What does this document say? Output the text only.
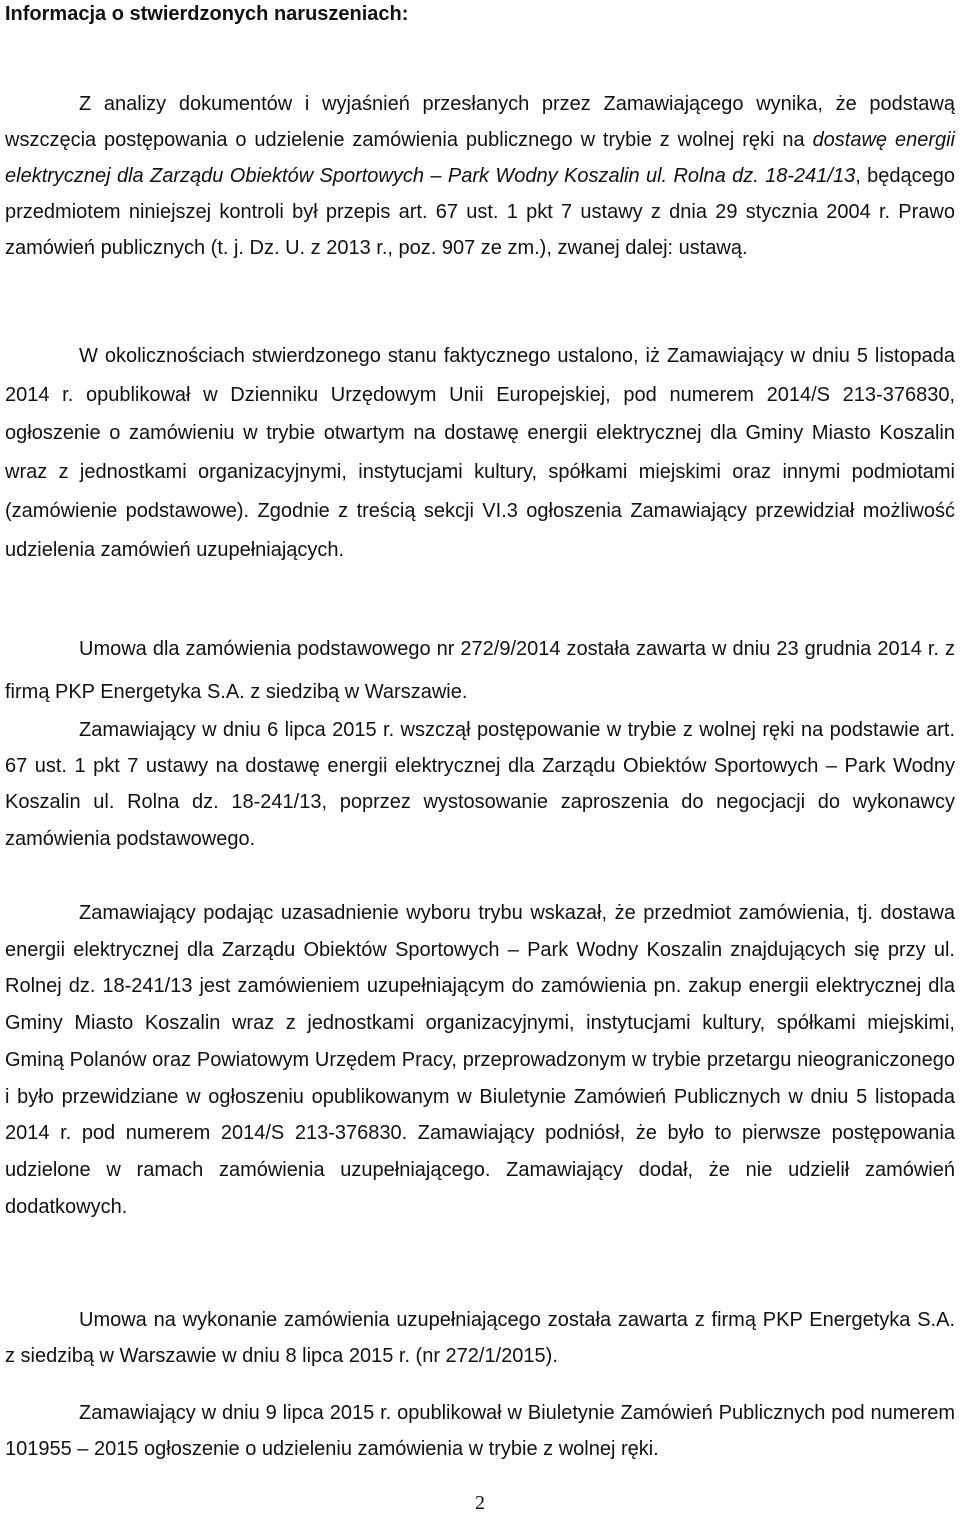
Informacja o stwierdzonych naruszeniach:

Z analizy dokumentów i wyjaśnień przesłanych przez Zamawiającego wynika, że podstawą wszczęcia postępowania o udzielenie zamówienia publicznego w trybie z wolnej ręki na dostawę energii elektrycznej dla Zarządu Obiektów Sportowych – Park Wodny Koszalin ul. Rolna dz. 18-241/13, będącego przedmiotem niniejszej kontroli był przepis art. 67 ust. 1 pkt 7 ustawy z dnia 29 stycznia 2004 r. Prawo zamówień publicznych (t. j. Dz. U. z 2013 r., poz. 907 ze zm.), zwanej dalej: ustawą.

W okolicznościach stwierdzonego stanu faktycznego ustalono, iż Zamawiający w dniu 5 listopada 2014 r. opublikował w Dzienniku Urzędowym Unii Europejskiej, pod numerem 2014/S 213-376830, ogłoszenie o zamówieniu w trybie otwartym na dostawę energii elektrycznej dla Gminy Miasto Koszalin wraz z jednostkami organizacyjnymi, instytucjami kultury, spółkami miejskimi oraz innymi podmiotami (zamówienie podstawowe). Zgodnie z treścią sekcji VI.3 ogłoszenia Zamawiający przewidział możliwość udzielenia zamówień uzupełniających.

Umowa dla zamówienia podstawowego nr 272/9/2014 została zawarta w dniu 23 grudnia 2014 r. z firmą PKP Energetyka S.A. z siedzibą w Warszawie.

Zamawiający w dniu 6 lipca 2015 r. wszczął postępowanie w trybie z wolnej ręki na podstawie art. 67 ust. 1 pkt 7 ustawy na dostawę energii elektrycznej dla Zarządu Obiektów Sportowych – Park Wodny Koszalin ul. Rolna dz. 18-241/13, poprzez wystosowanie zaproszenia do negocjacji do wykonawcy zamówienia podstawowego.

Zamawiający podając uzasadnienie wyboru trybu wskazał, że przedmiot zamówienia, tj. dostawa energii elektrycznej dla Zarządu Obiektów Sportowych – Park Wodny Koszalin znajdujących się przy ul. Rolnej dz. 18-241/13 jest zamówieniem uzupełniającym do zamówienia pn. zakup energii elektrycznej dla Gminy Miasto Koszalin wraz z jednostkami organizacyjnymi, instytucjami kultury, spółkami miejskimi, Gminą Polanów oraz Powiatowym Urzędem Pracy, przeprowadzonym w trybie przetargu nieograniczonego i było przewidziane w ogłoszeniu opublikowanym w Biuletynie Zamówień Publicznych w dniu 5 listopada 2014 r. pod numerem 2014/S 213-376830. Zamawiający podniósł, że było to pierwsze postępowania udzielone w ramach zamówienia uzupełniającego. Zamawiający dodał, że nie udzielił zamówień dodatkowych.

Umowa na wykonanie zamówienia uzupełniającego została zawarta z firmą PKP Energetyka S.A. z siedzibą w Warszawie w dniu 8 lipca 2015 r. (nr 272/1/2015).

Zamawiający w dniu 9 lipca 2015 r. opublikował w Biuletynie Zamówień Publicznych pod numerem 101955 – 2015 ogłoszenie o udzieleniu zamówienia w trybie z wolnej ręki.

2
